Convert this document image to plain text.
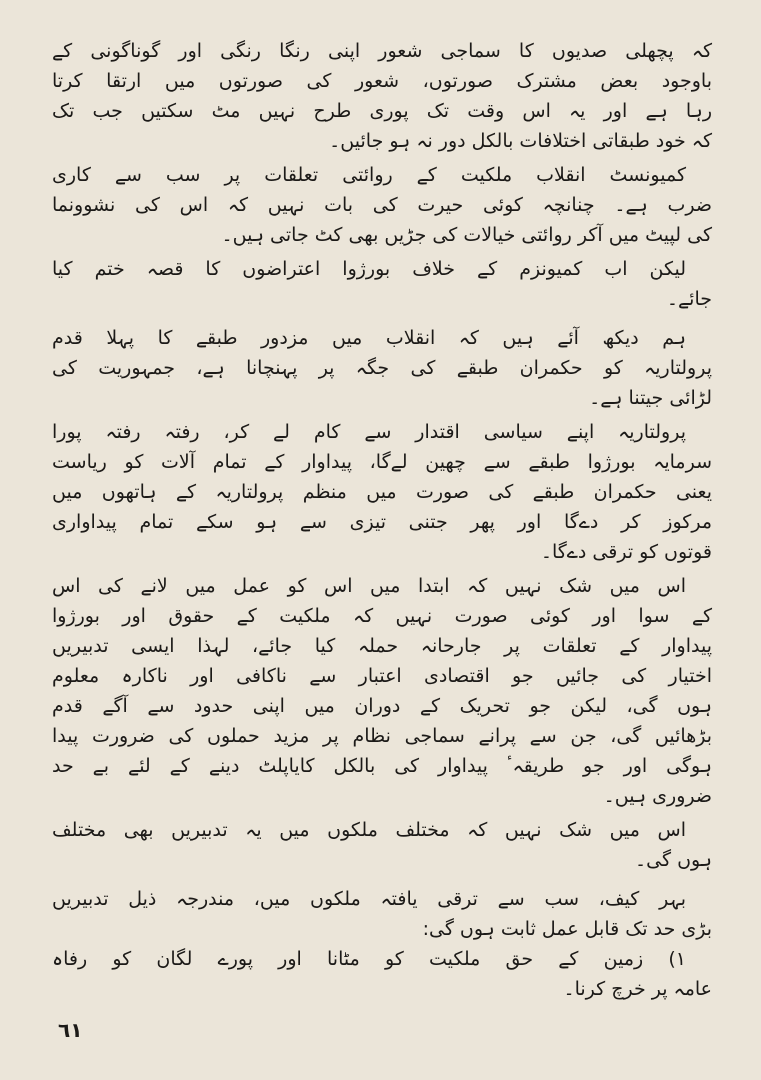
کہ پچھلی صدیوں کا سماجی شعور اپنی رنگا رنگی اور گوناگونی کے
باوجود بعض مشترک صورتوں، شعور کی صورتوں میں ارتقا کرتا
رہا ہے اور یہ اس وقت تک پوری طرح نہیں مٹ سکتیں جب تک
کہ خود طبقاتی اختلافات بالکل دور نہ ہو جائیں۔
کمیونسٹ انقلاب ملکیت کے روائتی تعلقات پر سب سے کاری
ضرب ہے۔ چنانچہ کوئی حیرت کی بات نہیں کہ اس کی نشوونما
کی لپیٹ میں آکر روائتی خیالات کی جڑیں بھی کٹ جاتی ہیں۔
لیکن اب کمیونزم کے خلاف بورژوا اعتراضوں کا قصہ ختم کیا
جائے۔
ہم دیکھ آئے ہیں کہ انقلاب میں مزدور طبقے کا پہلا قدم
پرولتاریہ کو حکمران طبقے کی جگہ پر پہنچانا ہے، جمہوریت کی
لڑائی جیتنا ہے۔
پرولتاریہ اپنے سیاسی اقتدار سے کام لے کر، رفتہ رفتہ پورا
سرمایہ بورژوا طبقے سے چھین لےگا، پیداوار کے تمام آلات کو ریاست
یعنی حکمران طبقے کی صورت میں منظم پرولتاریہ کے ہاتھوں میں
مرکوز کر دےگا اور پھر جتنی تیزی سے ہو سکے تمام پیداواری
قوتوں کو ترقی دےگا۔
اس میں شک نہیں کہ ابتدا میں اس کو عمل میں لانے کی اس
کے سوا اور کوئی صورت نہیں کہ ملکیت کے حقوق اور بورژوا
پیداوار کے تعلقات پر جارحانہ حملہ کیا جائے، لہذا ایسی تدبیریں
اختیار کی جائیں جو اقتصادی اعتبار سے ناکافی اور ناکارہ معلوم
ہوں گی، لیکن جو تحریک کے دوران میں اپنی حدود سے آگے قدم
بڑھائیں گی، جن سے پرانے سماجی نظام پر مزید حملوں کی ضرورت پیدا
ہوگی اور جو طریقہٴ پیداوار کی بالکل کایاپلٹ دینے کے لئے بے حد
ضروری ہیں۔
اس میں شک نہیں کہ مختلف ملکوں میں یہ تدبیریں بھی مختلف
ہوں گی۔
بہر کیف، سب سے ترقی یافتہ ملکوں میں، مندرجہ ذیل تدبیریں
بڑی حد تک قابل عمل ثابت ہوں گی:
۱) زمین کے حق ملکیت کو مٹانا اور پورے لگان کو رفاہ
عامہ پر خرچ کرنا۔
٦١
